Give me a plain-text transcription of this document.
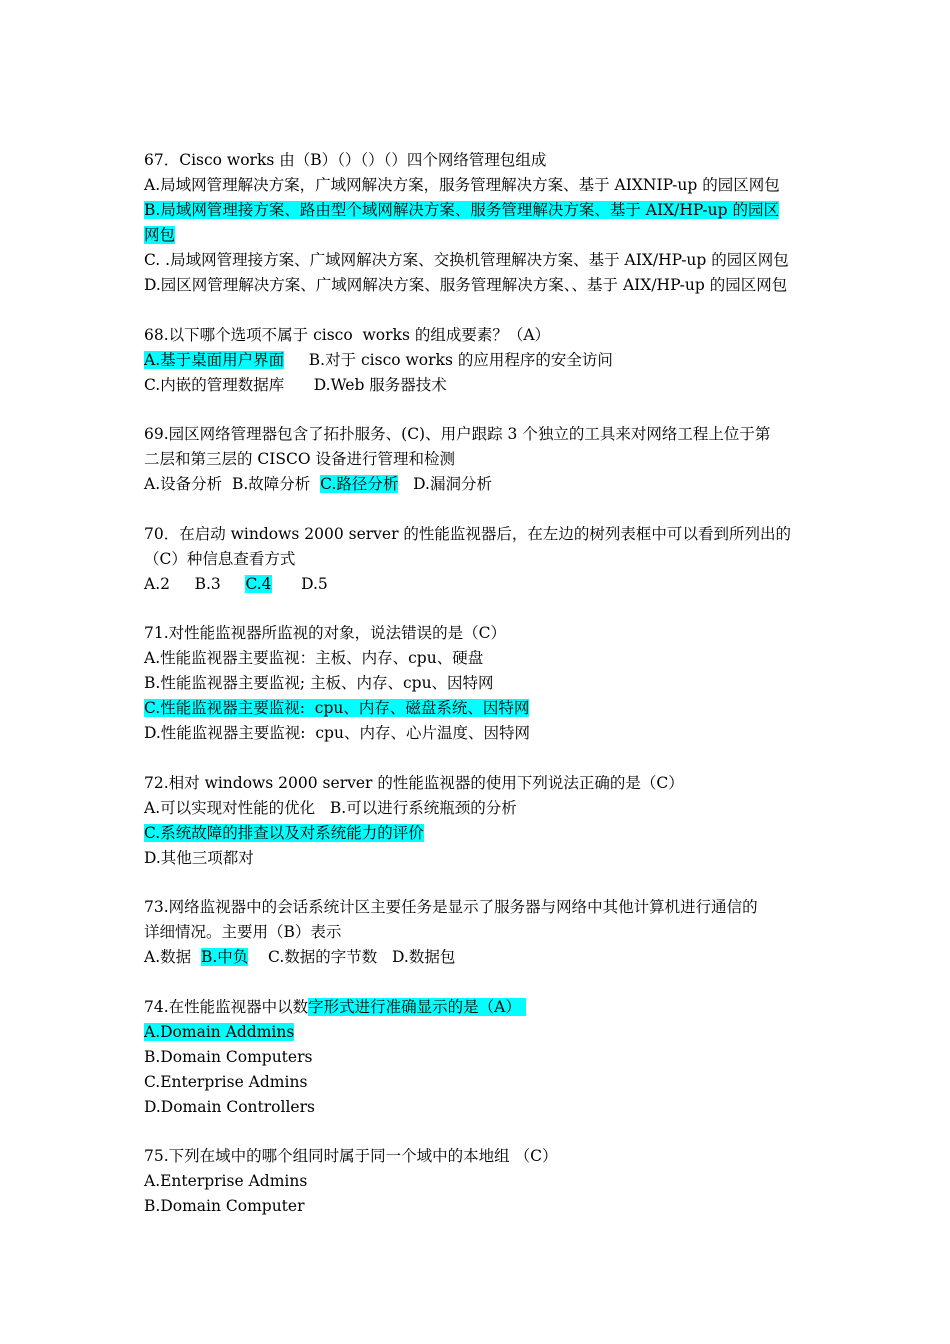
67．Cisco works 由（B）（）（）（）四个网络管理包组成
A.局域网管理解决方案，广域网解决方案，服务管理解决方案、基于 AIXNIP-up 的园区网包
B.局域网管理接方案、路由型个域网解决方案、服务管理解决方案、基于 AIX/HP-up 的园区
网包
C. .局域网管理接方案、广域网解决方案、交换机管理解决方案、基于 AIX/HP-up 的园区网包
D.园区网管理解决方案、广域网解决方案、服务管理解决方案、、基于 AIX/HP-up 的园区网包
68.以下哪个选项不属于 cisco  works 的组成要素？（A）
A.基于桌面用户界面     B.对于 cisco works 的应用程序的安全访问
C.内嵌的管理数据库      D.Web 服务器技术
69.园区网络管理器包含了拓扑服务、(C)、用户跟踪 3 个独立的工具来对网络工程上位于第
二层和第三层的 CISCO 设备进行管理和检测
A.设备分析  B.故障分析  C.路径分析   D.漏洞分析
70．在启动 windows 2000 server 的性能监视器后，在左边的树列表框中可以看到所列出的
（C）种信息查看方式
A.2     B.3     C.4      D.5
71.对性能监视器所监视的对象，说法错误的是（C）
A.性能监视器主要监视：主板、内存、cpu、硬盘
B.性能监视器主要监视; 主板、内存、cpu、因特网
C.性能监视器主要监视:  cpu、内存、磁盘系统、因特网
D.性能监视器主要监视:  cpu、内存、心片温度、因特网
72.相对 windows 2000 server 的性能监视器的使用下列说法正确的是（C）
A.可以实现对性能的优化   B.可以进行系统瓶颈的分析
C.系统故障的排查以及对系统能力的评价
D.其他三项都对
73.网络监视器中的会话系统计区主要任务是显示了服务器与网络中其他计算机进行通信的
详细情况。主要用（B）表示
A.数据  B.中负    C.数据的字节数   D.数据包
74.在性能监视器中以数字形式进行准确显示的是（A）
A.Domain Addmins
B.Domain Computers
C.Enterprise Admins
D.Domain Controllers
75.下列在域中的哪个组同时属于同一个域中的本地组 （C）
A.Enterprise Admins
B.Domain Computer
